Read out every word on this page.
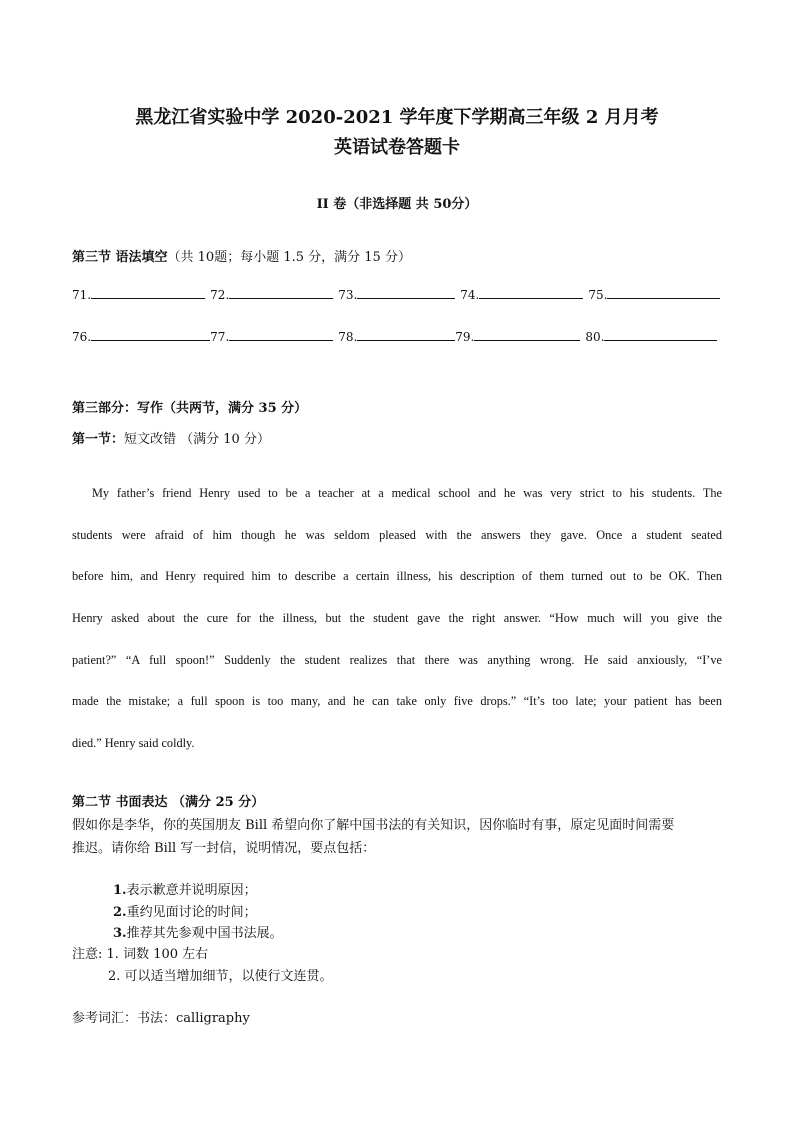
黑龙江省实验中学 2020-2021 学年度下学期高三年级 2 月月考
英语试卷答题卡
II 卷（非选择题 共 50分）
第三节 语法填空（共 10题；每小题 1.5 分，满分 15 分）
71.	72.	73.	74.	75.
76.	77.	78.	79.	80.
第三部分：写作（共两节，满分 35 分）
第一节：短文改错 （满分 10 分）
My father’s friend Henry used to be a teacher at a medical school and he was very strict to his students. The
students were afraid of him though he was seldom pleased with the answers they gave. Once a student seated
before him, and Henry required him to describe a certain illness, his description of them turned out to be OK. Then
Henry asked about the cure for the illness, but the student gave the right answer. “How much will you give the
patient?” “A full spoon!” Suddenly the student realizes that there was anything wrong. He said anxiously, “I’ve
made the mistake; a full spoon is too many, and he can take only five drops.” “It’s too late; your patient has been
died.” Henry said coldly.
第二节 书面表达 （满分 25 分）
假如你是李华，你的英国朋友 Bill 希望向你了解中国书法的有关知识，因你临时有事，原定见面时间需要
推迟。请你给 Bill 写一封信，说明情况，要点包括：
1.表示歉意并说明原因；
2.重约见面讨论的时间；
3.推荐其先参观中国书法展。
注意: 1. 词数 100 左右
2. 可以适当增加细节，以使行文连贯。
参考词汇：书法：calligraphy
